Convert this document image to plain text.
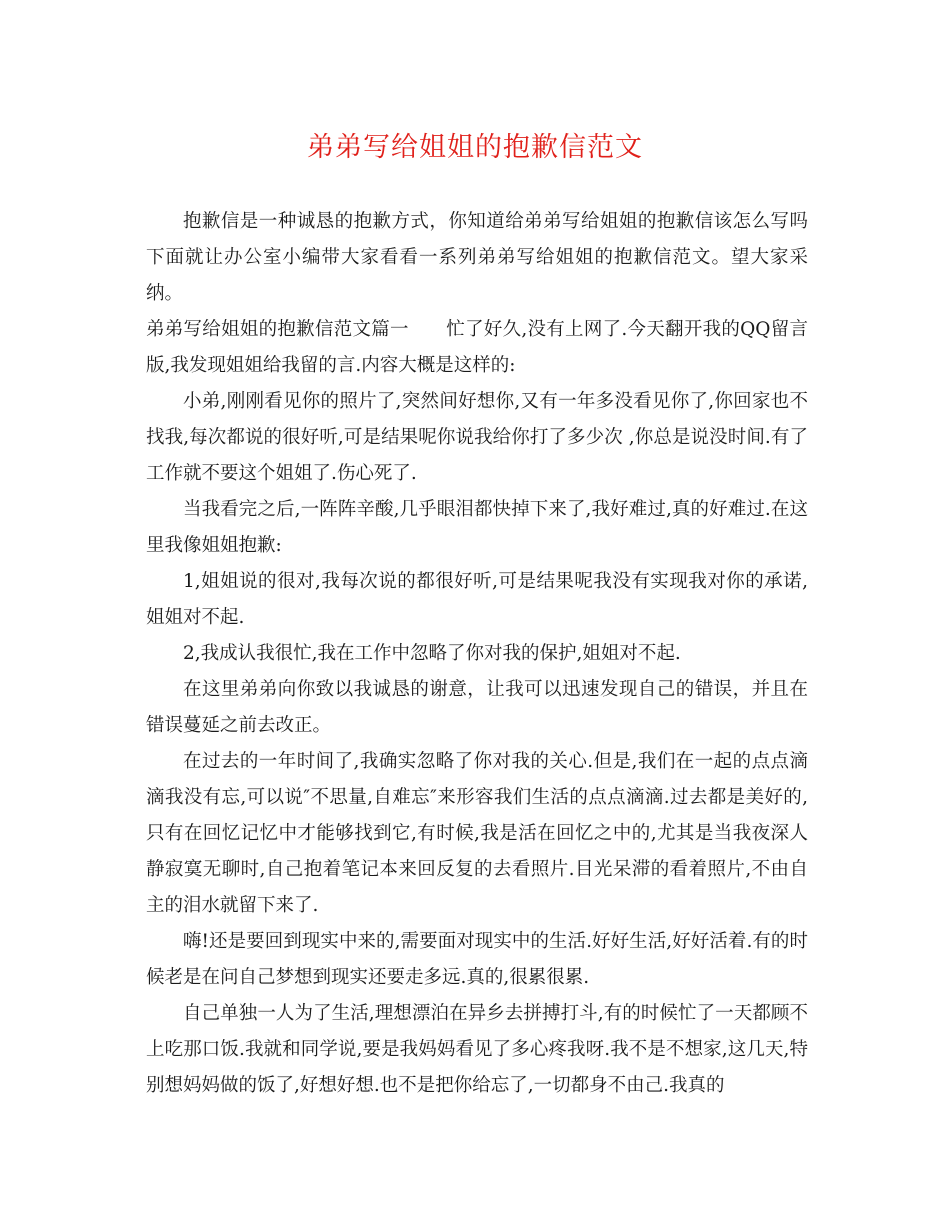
弟弟写给姐姐的抱歉信范文

抱歉信是一种诚恳的抱歉方式，你知道给弟弟写给姐姐的抱歉信该怎么写吗下面就让办公室小编带大家看看一系列弟弟写给姐姐的抱歉信范文。望大家采纳。

弟弟写给姐姐的抱歉信范文篇一　　忙了好久,没有上网了.今天翻开我的QQ留言版,我发现姐姐给我留的言.内容大概是这样的:

小弟,刚刚看见你的照片了,突然间好想你,又有一年多没看见你了,你回家也不找我,每次都说的很好听,可是结果呢你说我给你打了多少次 ,你总是说没时间.有了工作就不要这个姐姐了.伤心死了.

当我看完之后,一阵阵辛酸,几乎眼泪都快掉下来了,我好难过,真的好难过.在这里我像姐姐抱歉:

1,姐姐说的很对,我每次说的都很好听,可是结果呢我没有实现我对你的承诺,姐姐对不起.

2,我成认我很忙,我在工作中忽略了你对我的保护,姐姐对不起.

在这里弟弟向你致以我诚恳的谢意，让我可以迅速发现自己的错误，并且在错误蔓延之前去改正。

在过去的一年时间了,我确实忽略了你对我的关心.但是,我们在一起的点点滴滴我没有忘,可以说″不思量,自难忘″来形容我们生活的点点滴滴.过去都是美好的,只有在回忆记忆中才能够找到它,有时候,我是活在回忆之中的,尤其是当我夜深人静寂寞无聊时,自己抱着笔记本来回反复的去看照片.目光呆滞的看着照片,不由自主的泪水就留下来了.

嗨!还是要回到现实中来的,需要面对现实中的生活.好好生活,好好活着.有的时候老是在问自己梦想到现实还要走多远.真的,很累很累.

自己单独一人为了生活,理想漂泊在异乡去拼搏打斗,有的时候忙了一天都顾不上吃那口饭.我就和同学说,要是我妈妈看见了多心疼我呀.我不是不想家,这几天,特别想妈妈做的饭了,好想好想.也不是把你给忘了,一切都身不由己.我真的
